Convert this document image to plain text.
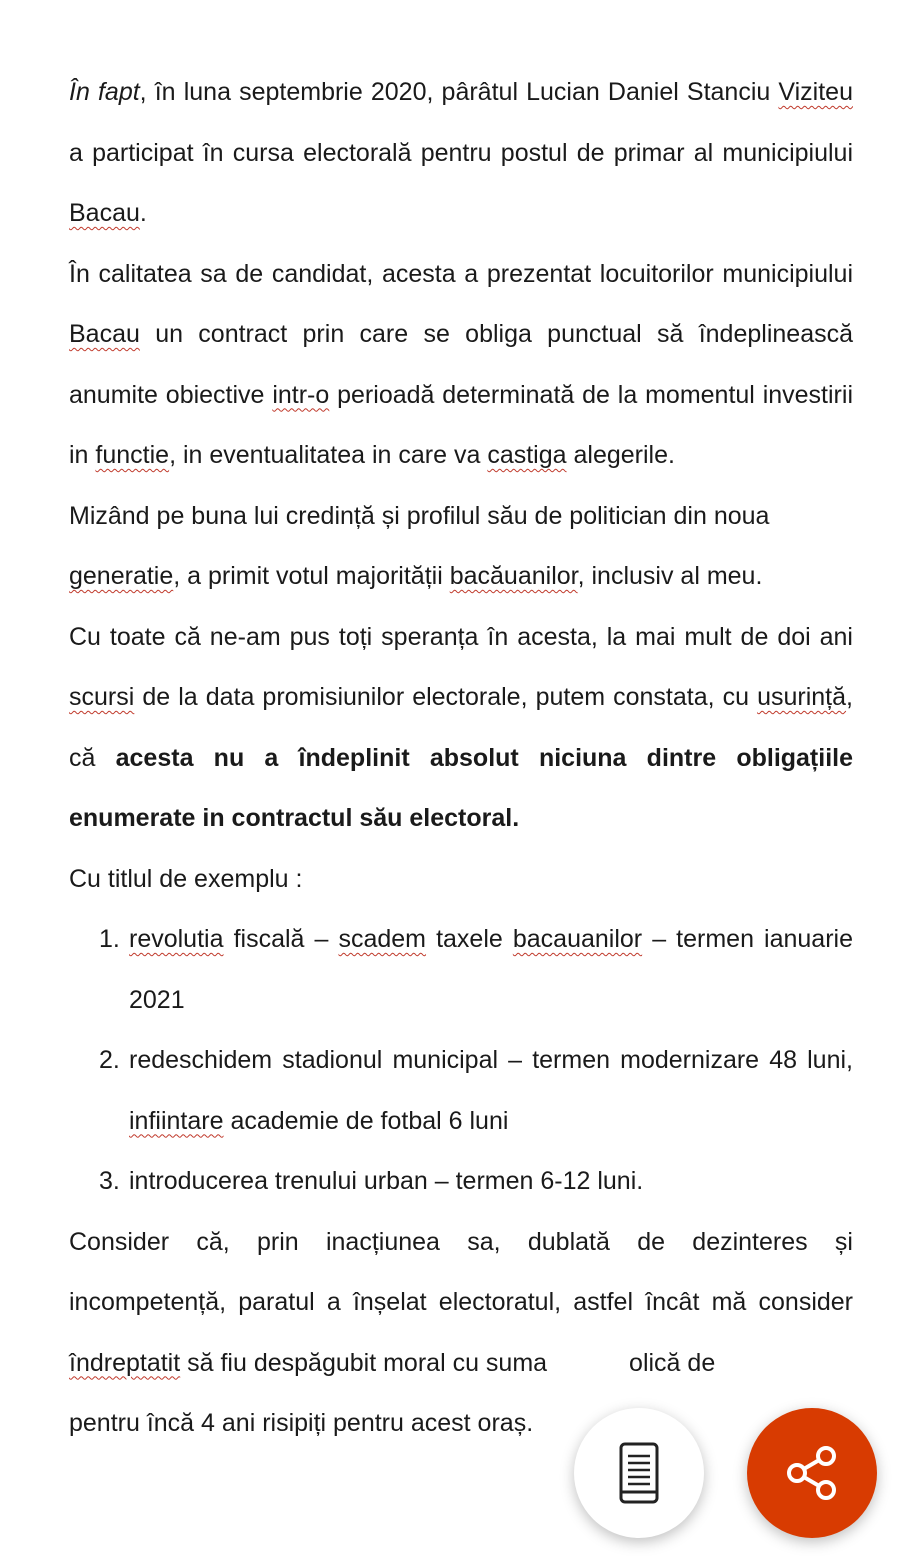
În fapt, în luna septembrie 2020, pârâtul Lucian Daniel Stanciu Viziteu a participat în cursa electorală pentru postul de primar al municipiului Bacau.

În calitatea sa de candidat, acesta a prezentat locuitorilor municipiului Bacau un contract prin care se obliga punctual să îndeplinească anumite obiective intr-o perioadă determinată de la momentul investirii in functie, in eventualitatea in care va castiga alegerile.

Mizând pe buna lui credință și profilul său de politician din noua generatie, a primit votul majorității bacăuanilor, inclusiv al meu.

Cu toate că ne-am pus toți speranța în acesta, la mai mult de doi ani scursi de la data promisiunilor electorale, putem constata, cu usurință, că acesta nu a îndeplinit absolut niciuna dintre obligațiile enumerate in contractul său electoral.

Cu titlul de exemplu :

1. revolutia fiscală – scadem taxele bacauanilor – termen ianuarie 2021
2. redeschidem stadionul municipal – termen modernizare 48 luni, infiintare academie de fotbal 6 luni
3. introducerea trenului urban – termen 6-12 luni.

Consider că, prin inacțiunea sa, dublată de dezinteres și incompetență, paratul a înșelat electoratul, astfel încât mă consider îndreptatit să fiu despăgubit moral cu suma	olică de
pentru încă 4 ani risipiți pentru acest oraș.
